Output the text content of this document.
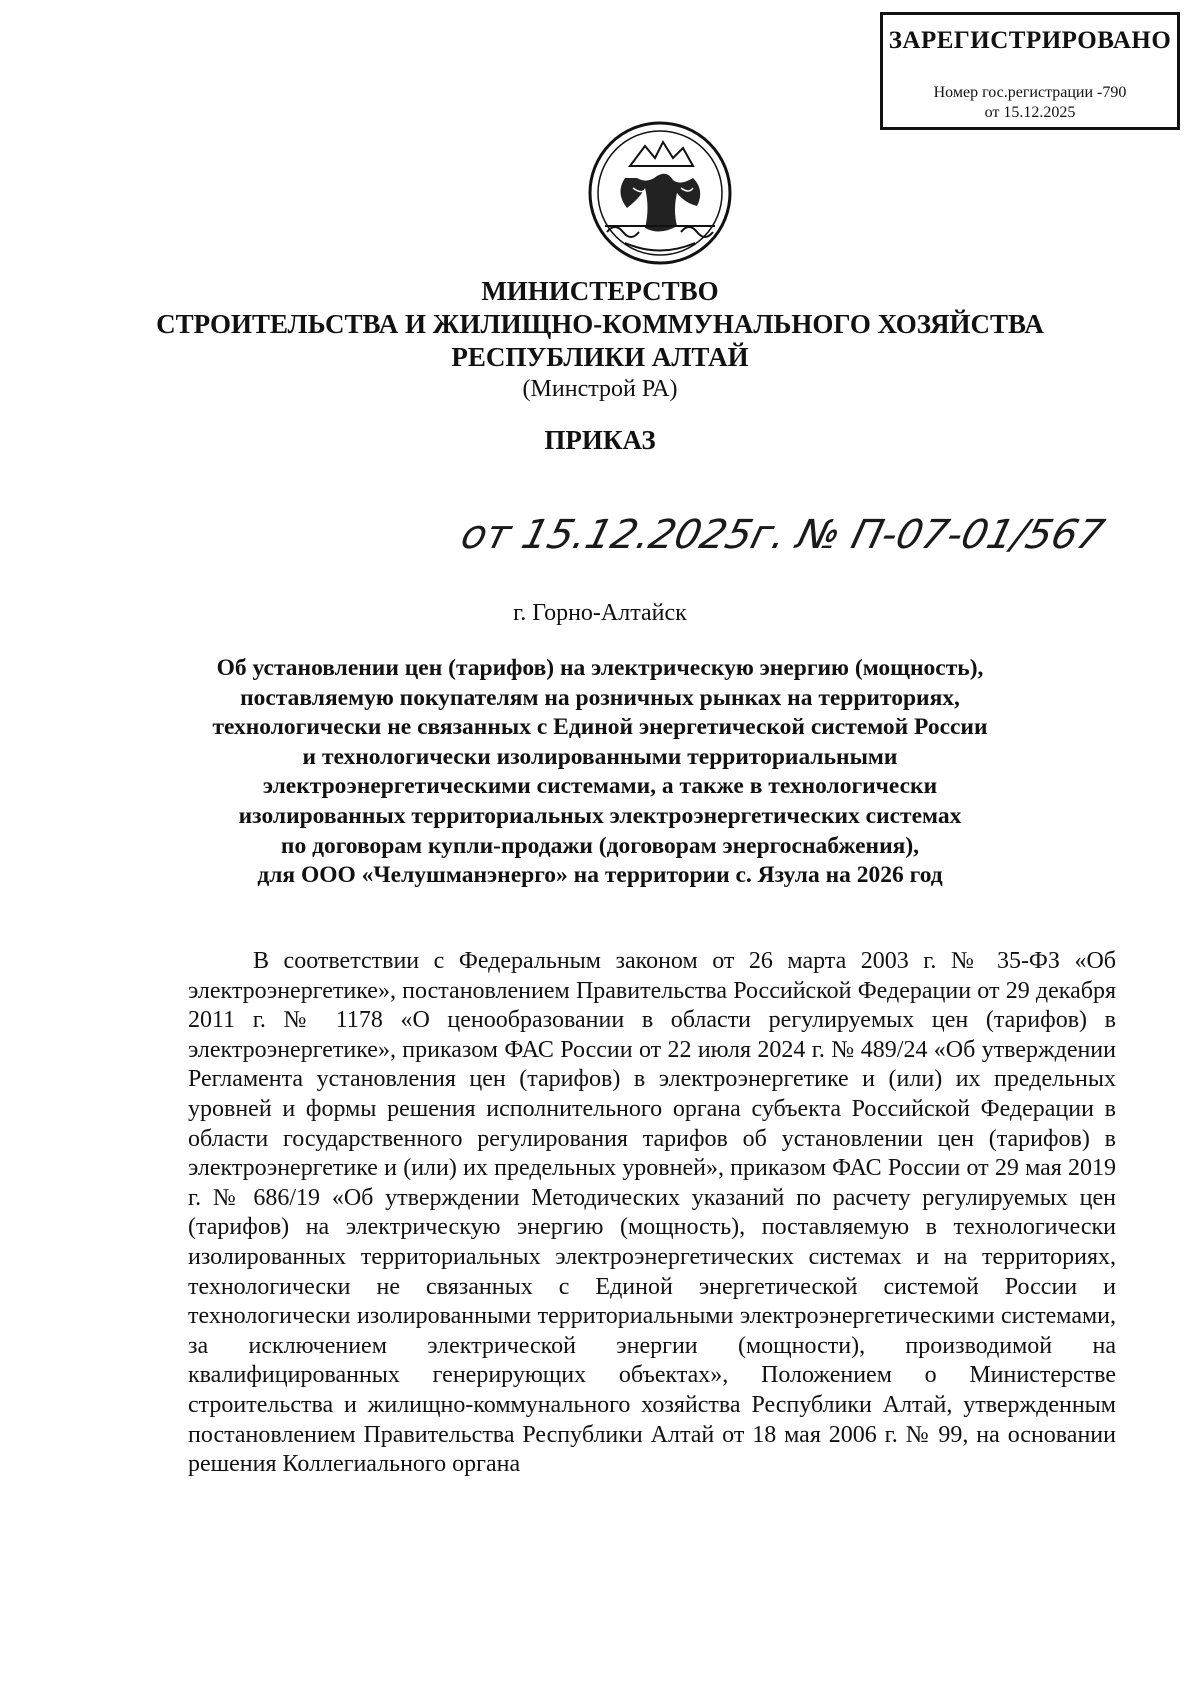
ЗАРЕГИСТРИРОВАНО
Номер гос.регистрации -790
от 15.12.2025
МИНИСТЕРСТВО
СТРОИТЕЛЬСТВА И ЖИЛИЩНО-КОММУНАЛЬНОГО ХОЗЯЙСТВА
РЕСПУБЛИКИ АЛТАЙ
(Минстрой РА)
ПРИКАЗ
от 15.12.2025г. № П-07-01/567
г. Горно-Алтайск
Об установлении цен (тарифов) на электрическую энергию (мощность),
поставляемую покупателям на розничных рынках на территориях,
технологически не связанных с Единой энергетической системой России
и технологически изолированными территориальными
электроэнергетическими системами, а также в технологически
изолированных территориальных электроэнергетических системах
по договорам купли-продажи (договорам энергоснабжения),
для ООО «Челушманэнерго» на территории с. Язула на 2026 год
В соответствии с Федеральным законом от 26 марта 2003 г. № 35-ФЗ «Об электроэнергетике», постановлением Правительства Российской Федерации от 29 декабря 2011 г. № 1178 «О ценообразовании в области регулируемых цен (тарифов) в электроэнергетике», приказом ФАС России от 22 июля 2024 г. № 489/24 «Об утверждении Регламента установления цен (тарифов) в электроэнергетике и (или) их предельных уровней и формы решения исполнительного органа субъекта Российской Федерации в области государственного регулирования тарифов об установлении цен (тарифов) в электроэнергетике и (или) их предельных уровней», приказом ФАС России от 29 мая 2019 г. № 686/19 «Об утверждении Методических указаний по расчету регулируемых цен (тарифов) на электрическую энергию (мощность), поставляемую в технологически изолированных территориальных электроэнергетических системах и на территориях, технологически не связанных с Единой энергетической системой России и технологически изолированными территориальными электроэнергетическими системами, за исключением электрической энергии (мощности), производимой на квалифицированных генерирующих объектах», Положением о Министерстве строительства и жилищно-коммунального хозяйства Республики Алтай, утвержденным постановлением Правительства Республики Алтай от 18 мая 2006 г. № 99, на основании решения Коллегиального органа
